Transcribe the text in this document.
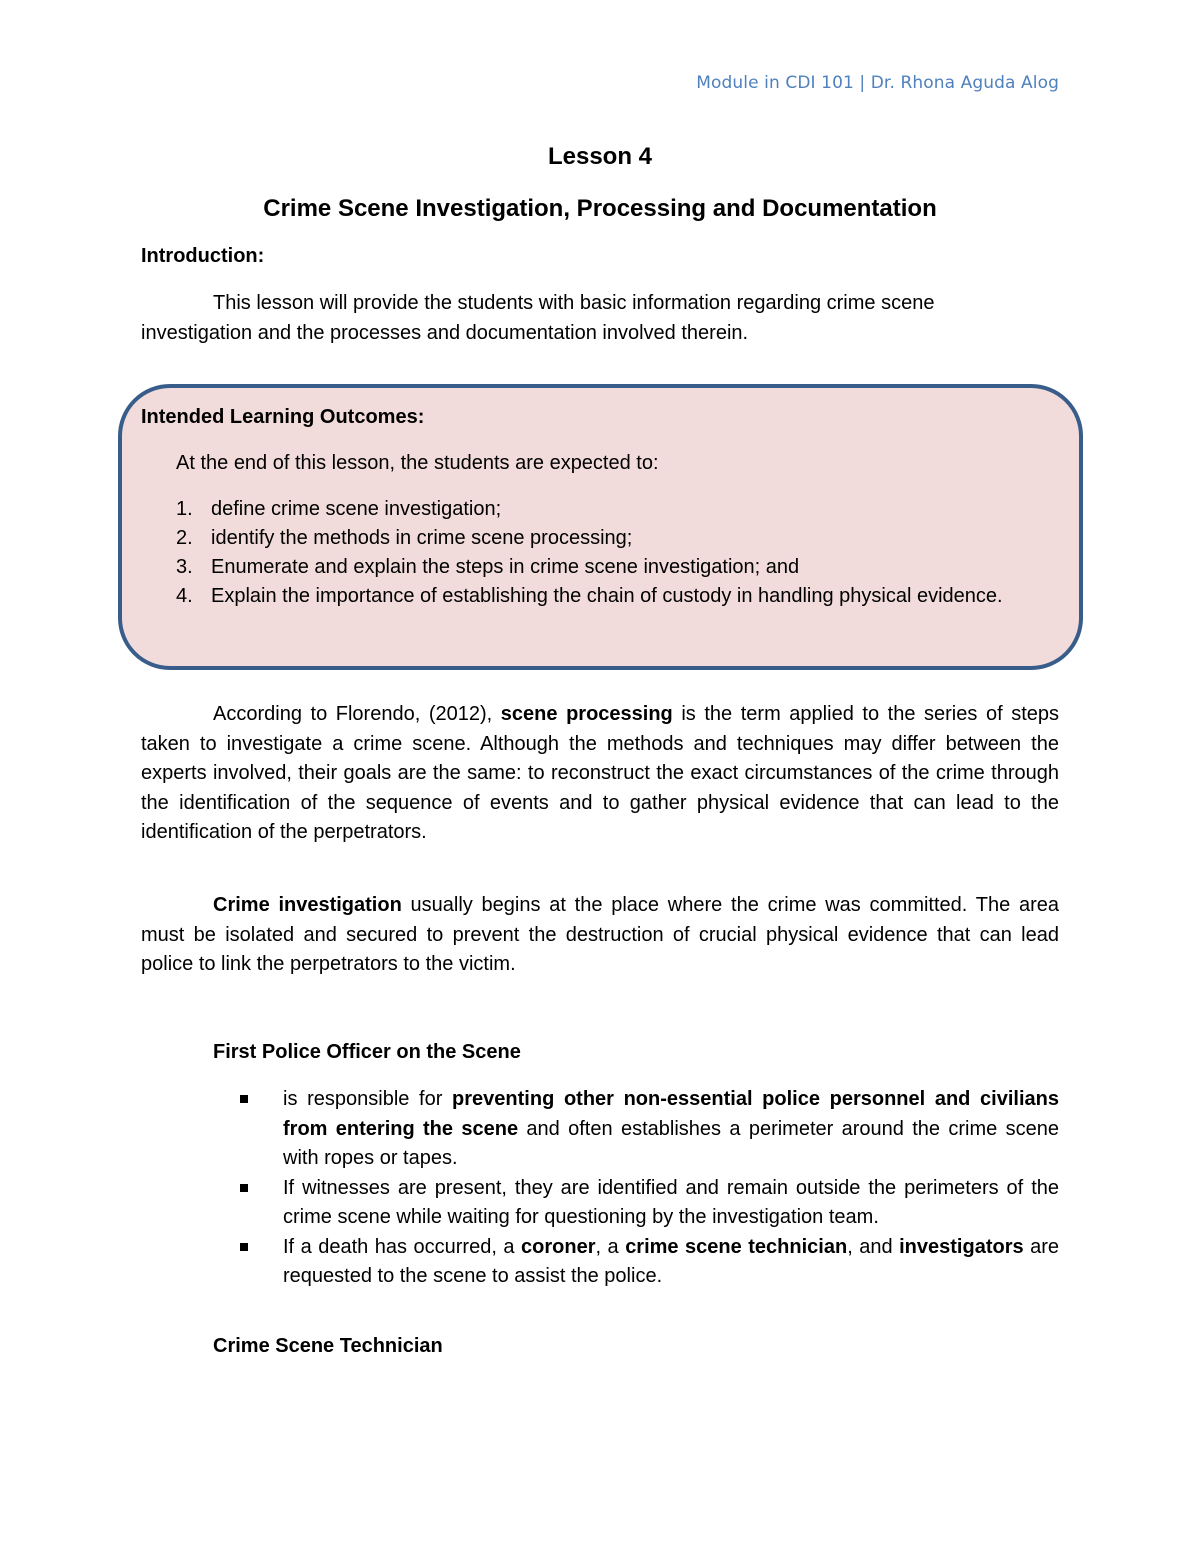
Module in CDI 101 | Dr. Rhona Aguda Alog
Lesson 4
Crime Scene Investigation, Processing and Documentation
Introduction:

This lesson will provide the students with basic information regarding crime scene investigation and the processes and documentation involved therein.

Intended Learning Outcomes:
At the end of this lesson, the students are expected to:
1. define crime scene investigation;
2. identify the methods in crime scene processing;
3. Enumerate and explain the steps in crime scene investigation; and
4. Explain the importance of establishing the chain of custody in handling physical evidence.

According to Florendo, (2012), scene processing is the term applied to the series of steps taken to investigate a crime scene. Although the methods and techniques may differ between the experts involved, their goals are the same: to reconstruct the exact circumstances of the crime through the identification of the sequence of events and to gather physical evidence that can lead to the identification of the perpetrators.

Crime investigation usually begins at the place where the crime was committed. The area must be isolated and secured to prevent the destruction of crucial physical evidence that can lead police to link the perpetrators to the victim.

First Police Officer on the Scene
is responsible for preventing other non-essential police personnel and civilians from entering the scene and often establishes a perimeter around the crime scene with ropes or tapes.
If witnesses are present, they are identified and remain outside the perimeters of the crime scene while waiting for questioning by the investigation team.
If a death has occurred, a coroner, a crime scene technician, and investigators are requested to the scene to assist the police.
Crime Scene Technician
